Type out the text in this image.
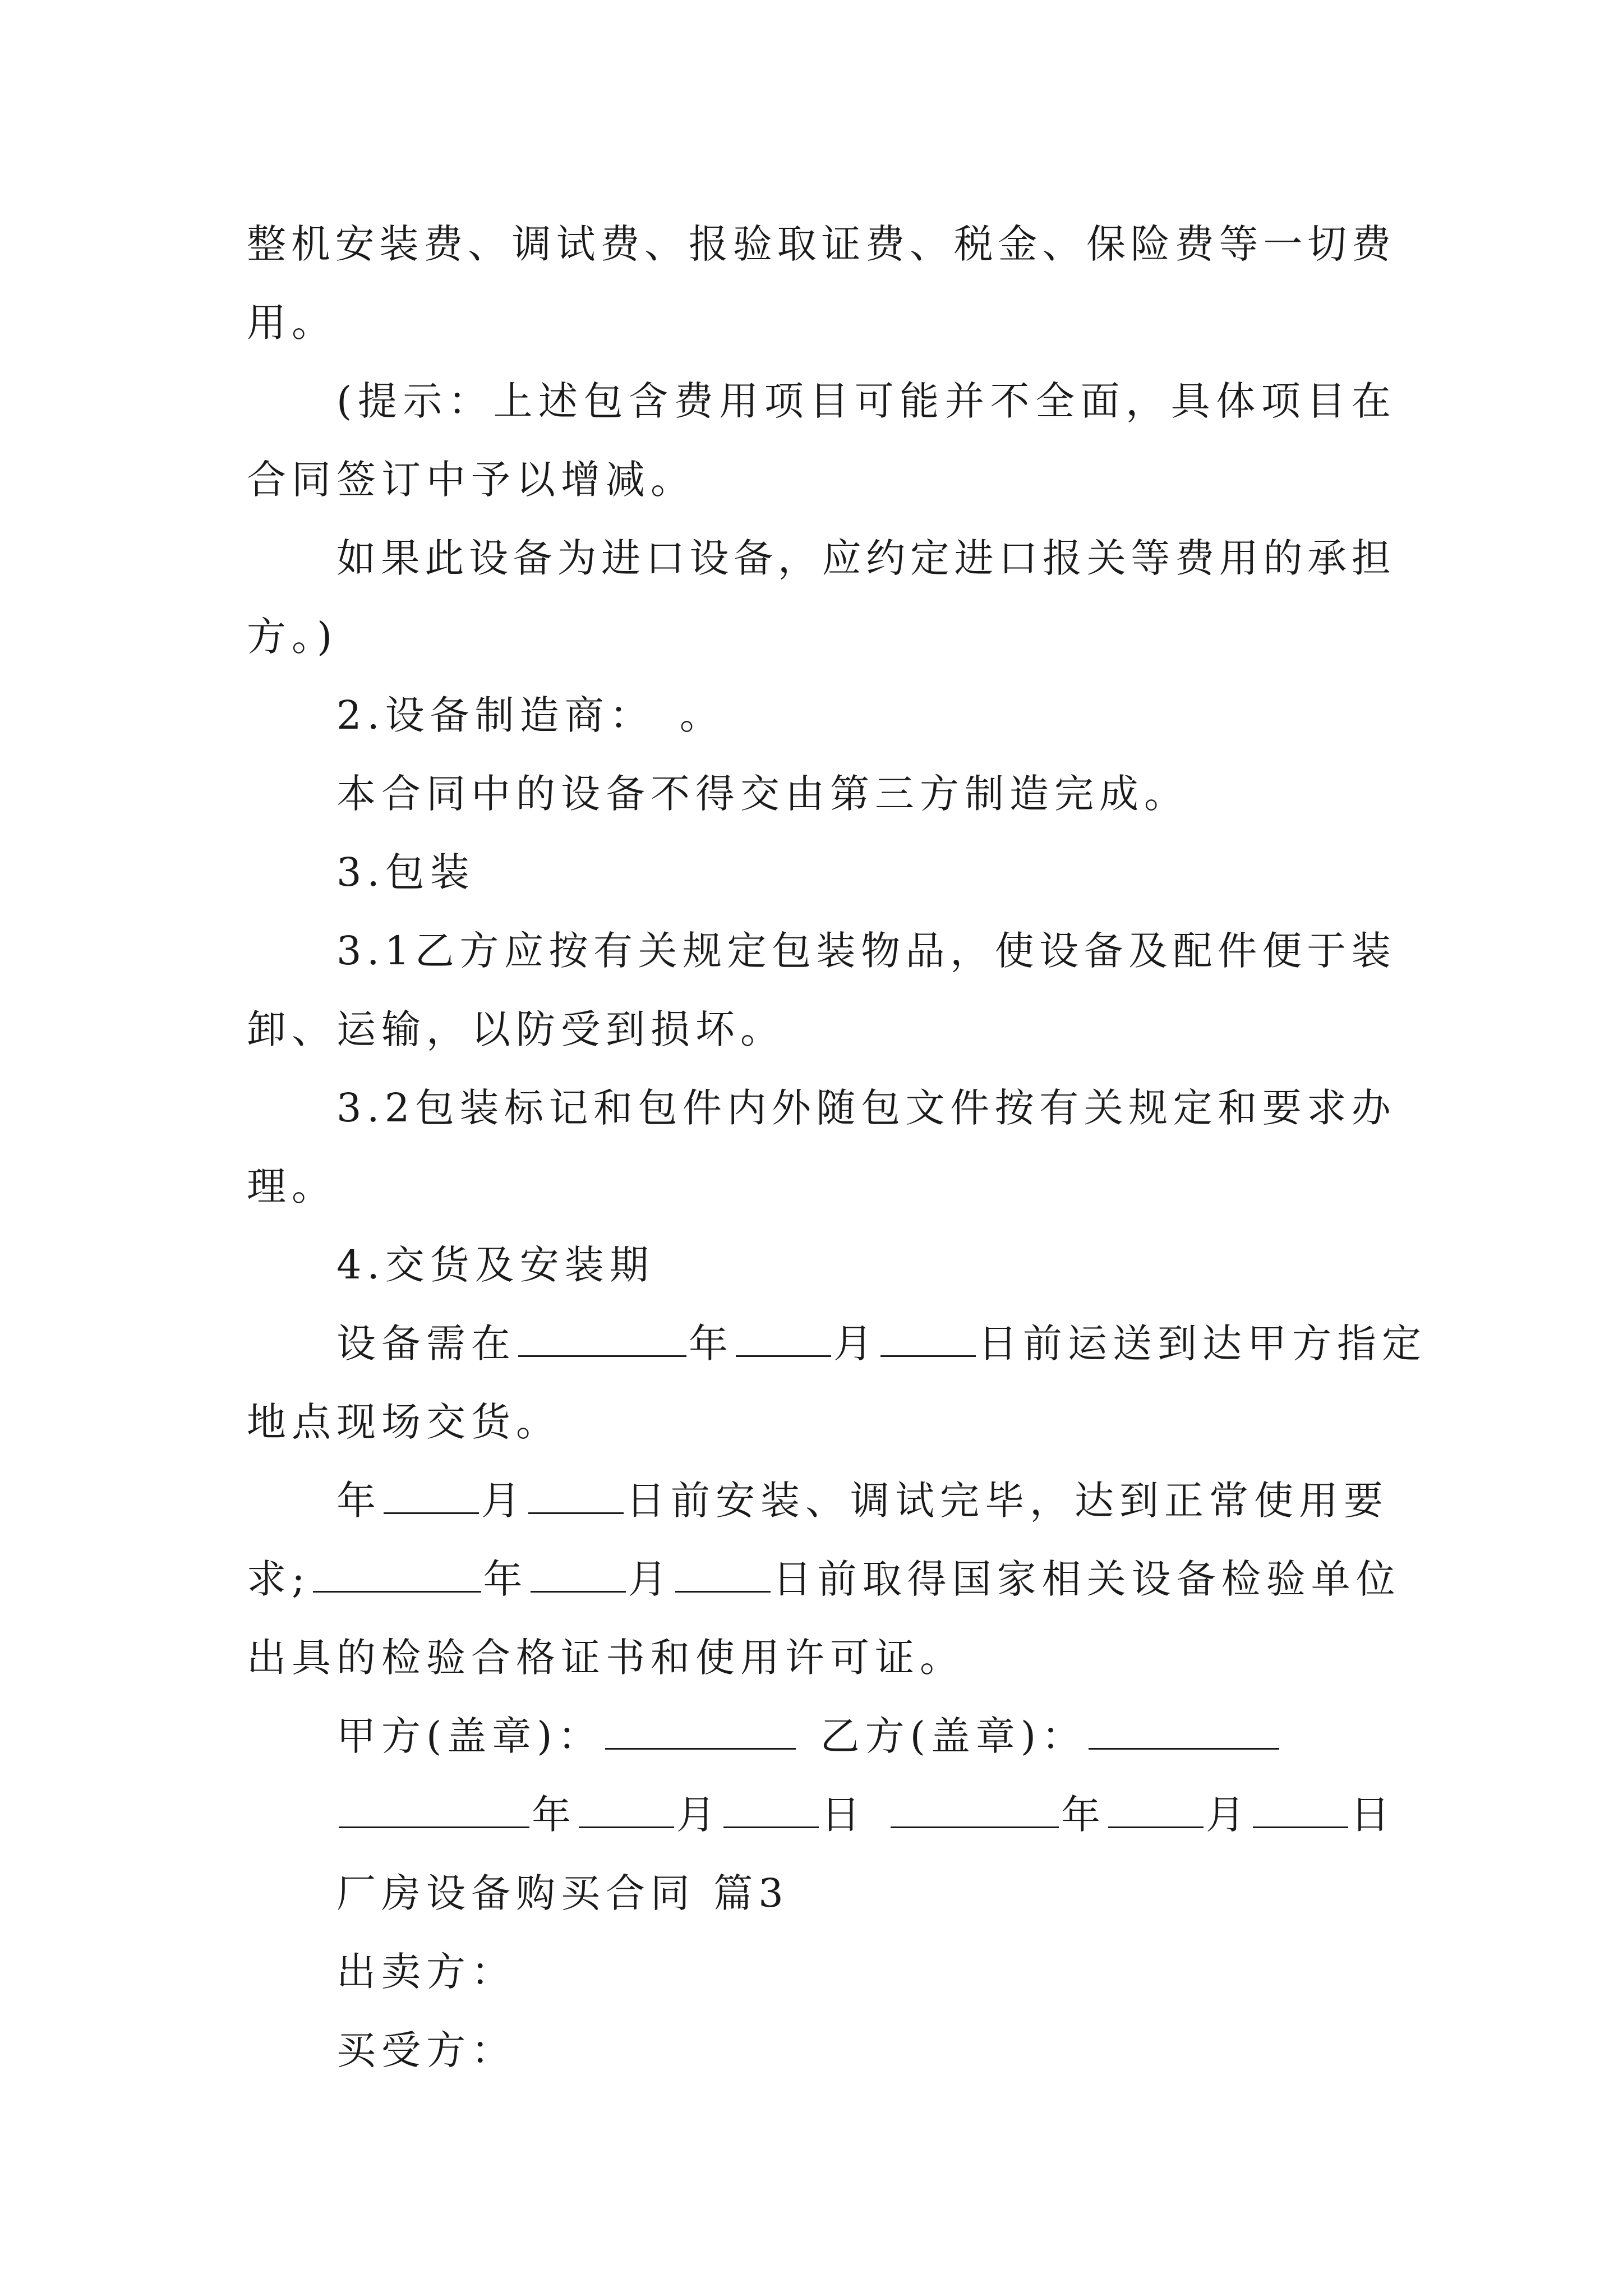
整 机 安 装 费 、 调 试 费 、 报 验 取 证 费 、 税 金 、 保 险 费 等 一 切 费
用。
( 提 示 ： 上 述 包 含 费 用 项 目 可 能 并 不 全 面 ， 具 体 项 目 在
合同签订中予以增减。
如 果 此 设 备 为 进 口 设 备 ， 应 约 定 进 口 报 关 等 费 用 的 承 担
方。)
2.设备制造商：　。
本合同中的设备不得交由第三方制造完成。
3.包装
3 . 1 乙 方 应 按 有 关 规 定 包 装 物 品 ， 使 设 备 及 配 件 便 于 装
卸、运输，以防受到损坏。
3 . 2 包 装 标 记 和 包 件 内 外 随 包 文 件 按 有 关 规 定 和 要 求 办
理。
4.交货及安装期
设备需在	年	月	日前运送到达甲方指定
地点现场交货。
年	月	日前安装、调试完毕，达到正常使用要
求;	年	月	日前取得国家相关设备检验单位
出具的检验合格证书和使用许可证。
甲方(盖章)：	乙方(盖章)：
年	月	日	年	月	日
厂房设备购买合同 篇3
出卖方：
买受方：
